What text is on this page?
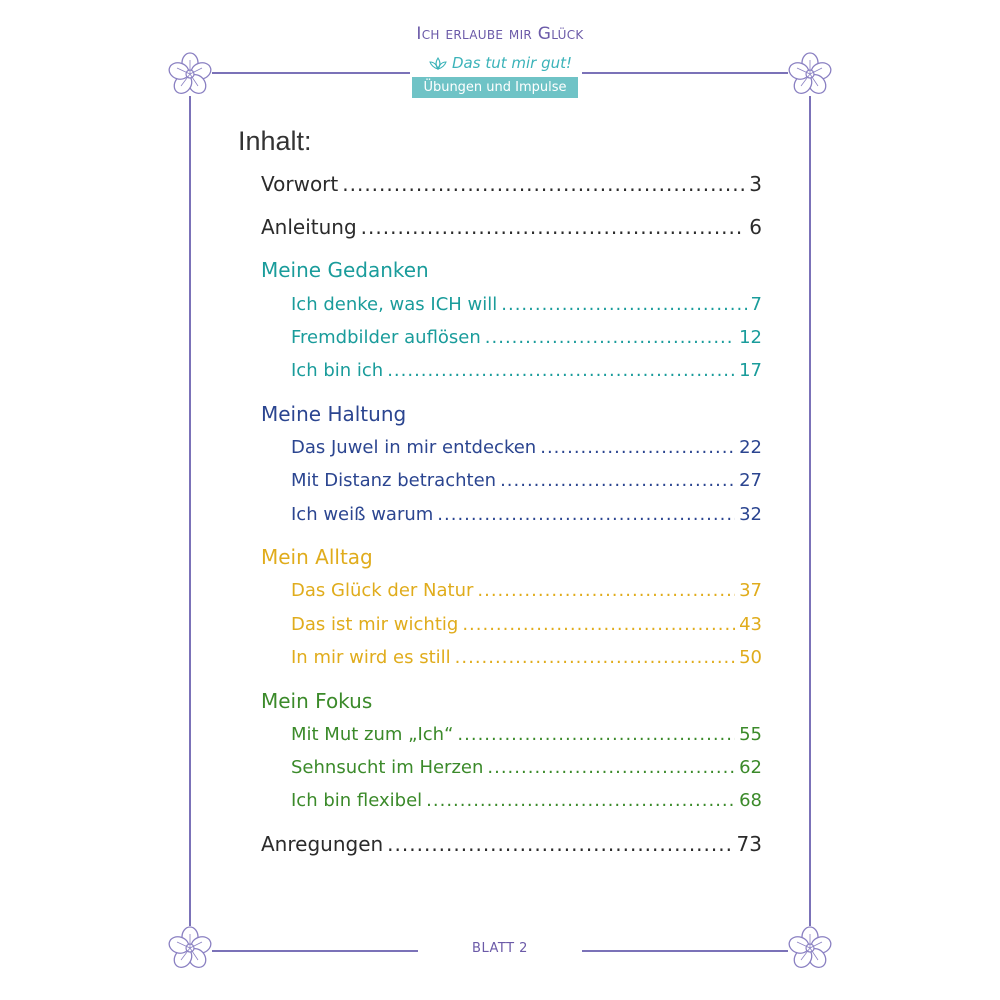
Ich erlaube mir Glück
Das tut mir gut!
Übungen und Impulse
Inhalt:
Vorwort .....	3
Anleitung .....	6
Meine Gedanken
Ich denke, was ICH will .....	7
Fremdbilder auflösen .....	12
Ich bin ich .....	17
Meine Haltung
Das Juwel in mir entdecken .....	22
Mit Distanz betrachten .....	27
Ich weiß warum .....	32
Mein Alltag
Das Glück der Natur .....	37
Das ist mir wichtig .....	43
In mir wird es still .....	50
Mein Fokus
Mit Mut zum „Ich“ .....	55
Sehnsucht im Herzen .....	62
Ich bin flexibel .....	68
Anregungen .....	73
BLATT 2
